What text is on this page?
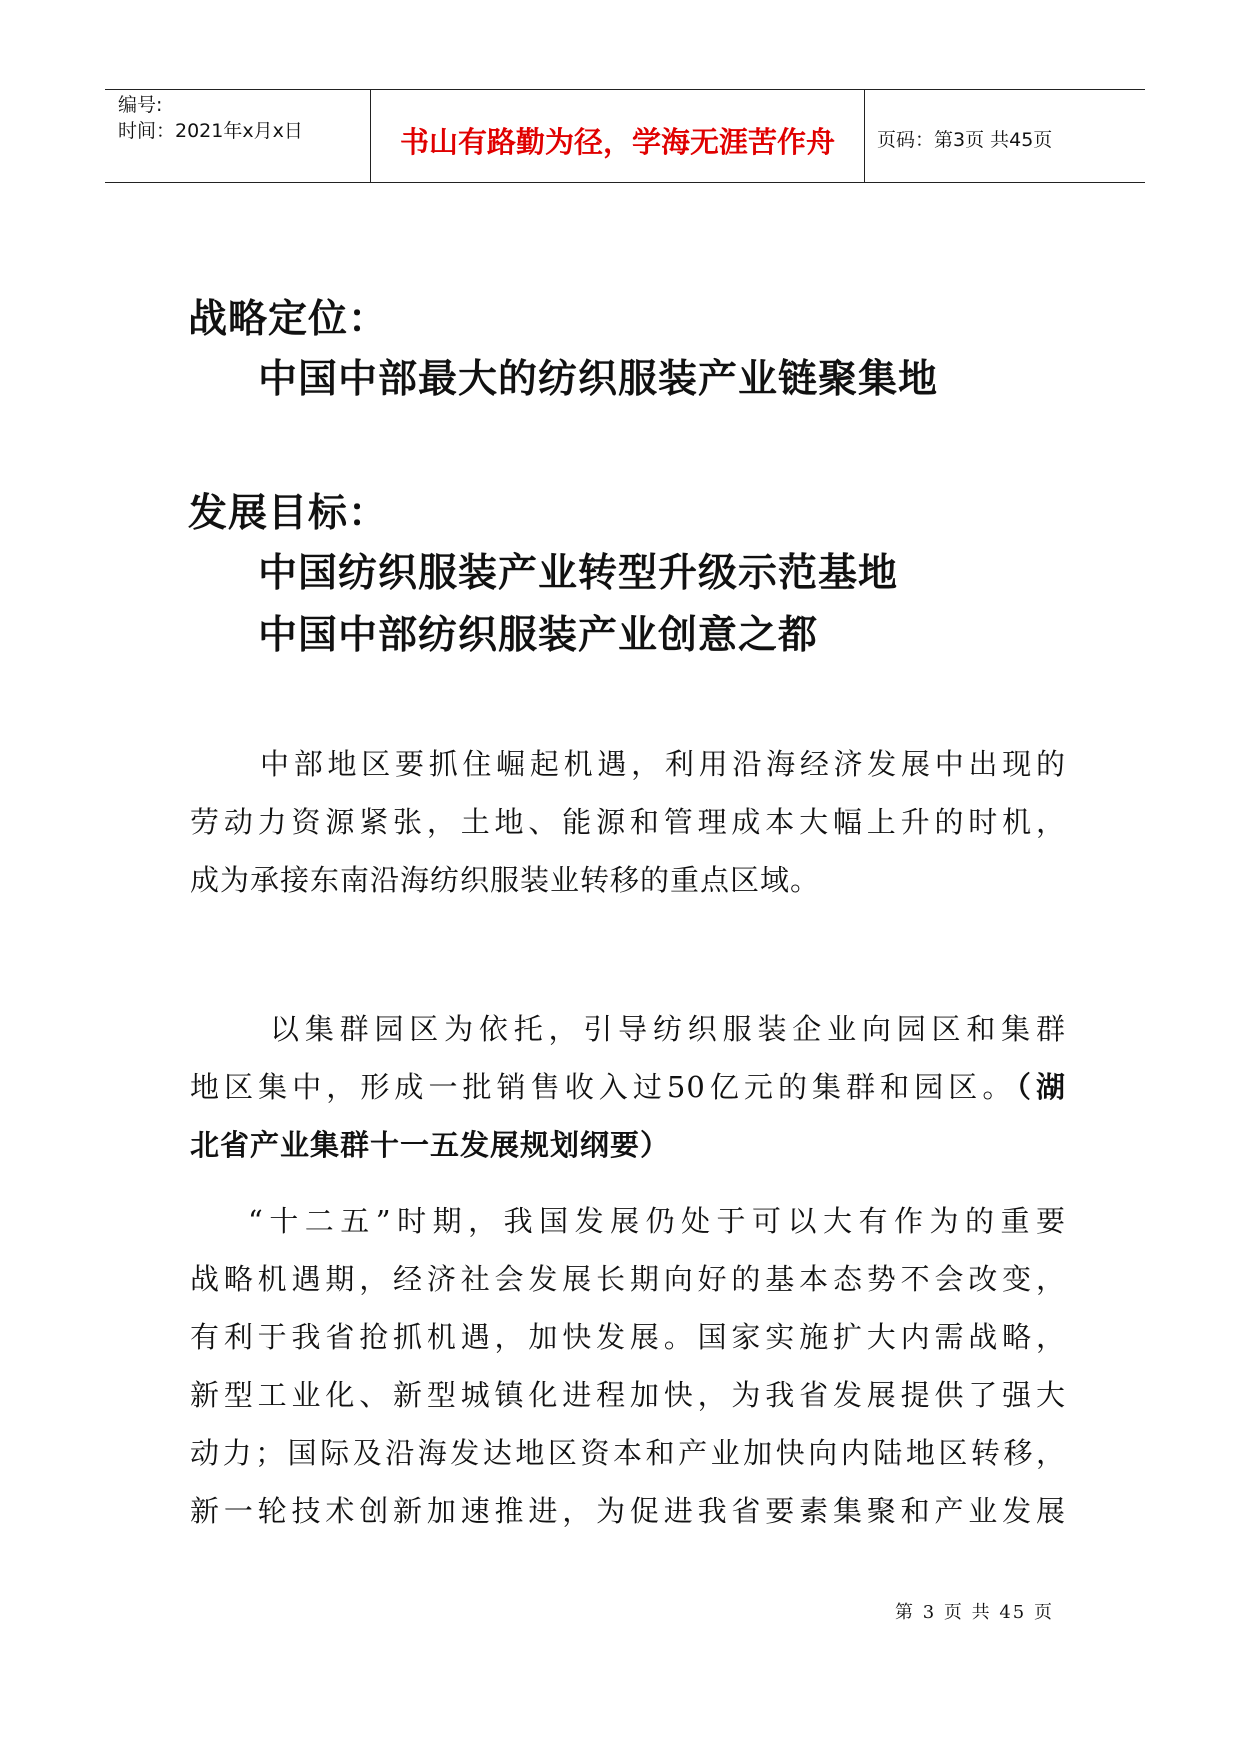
编号:
时间：2021年x月x日	书山有路勤为径，学海无涯苦作舟	页码：第3页 共45页
战略定位：
中国中部最大的纺织服装产业链聚集地
发展目标：
中国纺织服装产业转型升级示范基地
中国中部纺织服装产业创意之都
中部地区要抓住崛起机遇，利用沿海经济发展中出现的
劳动力资源紧张，土地、能源和管理成本大幅上升的时机，
成为承接东南沿海纺织服装业转移的重点区域。
以集群园区为依托，引导纺织服装企业向园区和集群
地区集中，形成一批销售收入过50亿元的集群和园区。（湖
北省产业集群十一五发展规划纲要）
“十二五”时期，我国发展仍处于可以大有作为的重要
战略机遇期，经济社会发展长期向好的基本态势不会改变，
有利于我省抢抓机遇，加快发展。国家实施扩大内需战略，
新型工业化、新型城镇化进程加快，为我省发展提供了强大
动力；国际及沿海发达地区资本和产业加快向内陆地区转移，
新一轮技术创新加速推进，为促进我省要素集聚和产业发展
第 3 页 共 45 页
